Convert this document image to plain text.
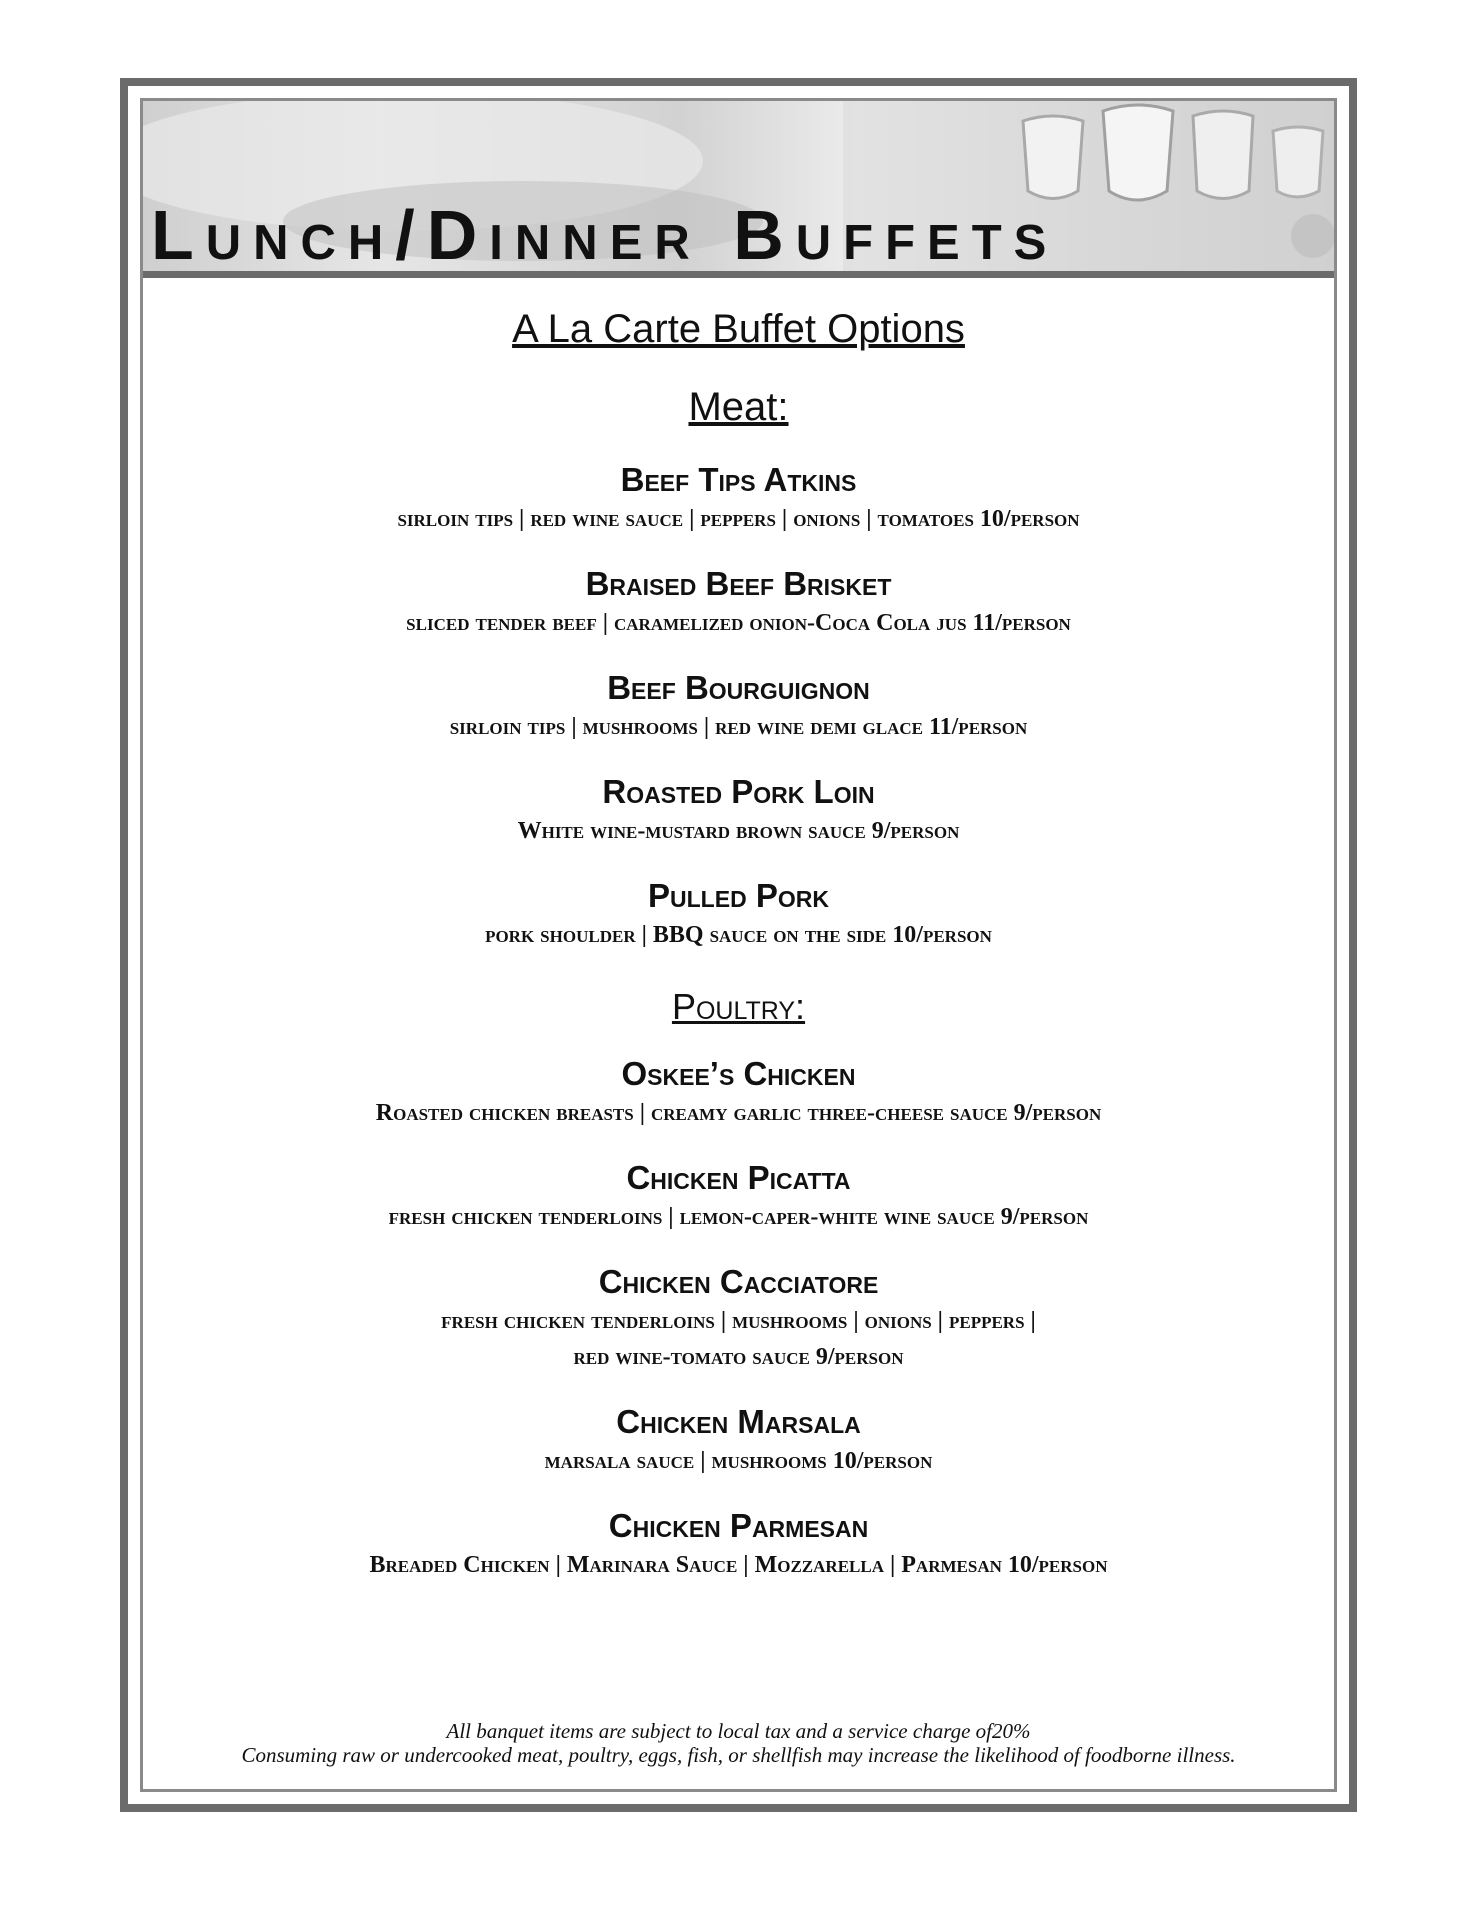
Lunch/Dinner Buffets
A La Carte Buffet Options
Meat:
Beef Tips Atkins
sirloin tips | red wine sauce | peppers | onions | tomatoes 10/person
Braised Beef Brisket
sliced tender beef | caramelized onion-Coca Cola jus 11/person
Beef Bourguignon
sirloin tips | mushrooms | red wine demi glace 11/person
Roasted Pork Loin
White wine-mustard brown sauce 9/person
Pulled Pork
pork shoulder | BBQ sauce on the side 10/person
Poultry:
Oskee’s Chicken
Roasted chicken breasts | creamy garlic three-cheese sauce 9/person
Chicken Picatta
fresh chicken tenderloins | lemon-caper-white wine sauce 9/person
Chicken Cacciatore
fresh chicken tenderloins | mushrooms | onions | peppers |
red wine-tomato sauce 9/person
Chicken Marsala
marsala sauce | mushrooms 10/person
Chicken Parmesan
Breaded Chicken | Marinara Sauce | Mozzarella | Parmesan 10/person
All banquet items are subject to local tax and a service charge of20%
Consuming raw or undercooked meat, poultry, eggs, fish, or shellfish may increase the likelihood of foodborne illness.
